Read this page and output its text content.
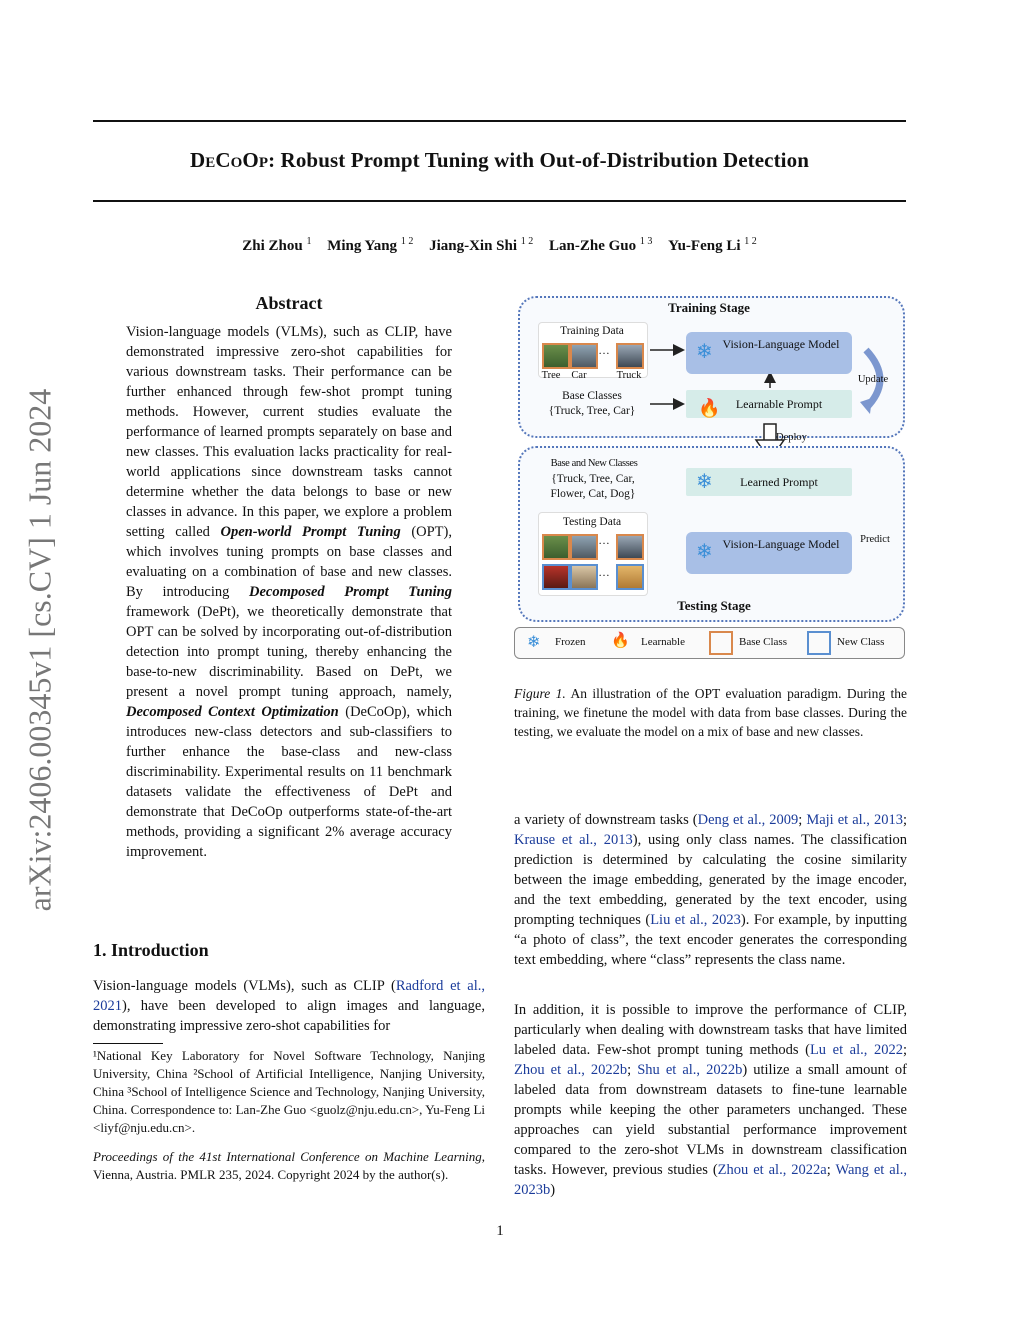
arXiv:2406.00345v1 [cs.CV] 1 Jun 2024
DeCoOp: Robust Prompt Tuning with Out-of-Distribution Detection
Zhi Zhou $^1$ Ming Yang $^{1 2}$ Jiang-Xin Shi $^{1 2}$ Lan-Zhe Guo $^{1 3}$ Yu-Feng Li $^{1 2}$
Abstract
Vision-language models (VLMs), such as CLIP, have demonstrated impressive zero-shot capabilities for various downstream tasks. Their performance can be further enhanced through few-shot prompt tuning methods. However, current studies evaluate the performance of learned prompts separately on base and new classes. This evaluation lacks practicality for real-world applications since downstream tasks cannot determine whether the data belongs to base or new classes in advance. In this paper, we explore a problem setting called Open-world Prompt Tuning (OPT), which involves tuning prompts on base classes and evaluating on a combination of base and new classes. By introducing Decomposed Prompt Tuning framework (DePt), we theoretically demonstrate that OPT can be solved by incorporating out-of-distribution detection into prompt tuning, thereby enhancing the base-to-new discriminability. Based on DePt, we present a novel prompt tuning approach, namely, Decomposed Context Optimization (DeCoOp), which introduces new-class detectors and sub-classifiers to further enhance the base-class and new-class discriminability. Experimental results on 11 benchmark datasets validate the effectiveness of DePt and demonstrate that DeCoOp outperforms state-of-the-art methods, providing a significant 2% average accuracy improvement.
1. Introduction
Vision-language models (VLMs), such as CLIP (Radford et al., 2021), have been developed to align images and language, demonstrating impressive zero-shot capabilities for
¹National Key Laboratory for Novel Software Technology, Nanjing University, China ²School of Artificial Intelligence, Nanjing University, China ³School of Intelligence Science and Technology, Nanjing University, China. Correspondence to: Lan-Zhe Guo <guolz@nju.edu.cn>, Yu-Feng Li <liyf@nju.edu.cn>.
Proceedings of the 41st International Conference on Machine Learning, Vienna, Austria. PMLR 235, 2024. Copyright 2024 by the author(s).
Training Stage
Training Data
…
Tree	Car	Truck
Base Classes
{Truck, Tree, Car}
❄ Vision-Language Model
Update
🔥 Learnable Prompt
Deploy
Base and New Classes
{Truck, Tree, Car, Flower, Cat, Dog}
❄ Learned Prompt
Testing Data
…
…
❄ Vision-Language Model	Predict
Testing Stage
❄ Frozen 🔥 Learnable	Base Class	New Class
Figure 1. An illustration of the OPT evaluation paradigm. During the training, we finetune the model with data from base classes. During the testing, we evaluate the model on a mix of base and new classes.
a variety of downstream tasks (Deng et al., 2009; Maji et al., 2013; Krause et al., 2013), using only class names. The classification prediction is determined by calculating the cosine similarity between the image embedding, generated by the image encoder, and the text embedding, generated by the text encoder, using prompting techniques (Liu et al., 2023). For example, by inputting “a photo of class”, the text encoder generates the corresponding text embedding, where “class” represents the class name.
In addition, it is possible to improve the performance of CLIP, particularly when dealing with downstream tasks that have limited labeled data. Few-shot prompt tuning methods (Lu et al., 2022; Zhou et al., 2022b; Shu et al., 2022b) utilize a small amount of labeled data from downstream datasets to fine-tune learnable prompts while keeping the other parameters unchanged. These approaches can yield substantial performance improvement compared to the zero-shot VLMs in downstream classification tasks. However, previous studies (Zhou et al., 2022a; Wang et al., 2023b)
1
